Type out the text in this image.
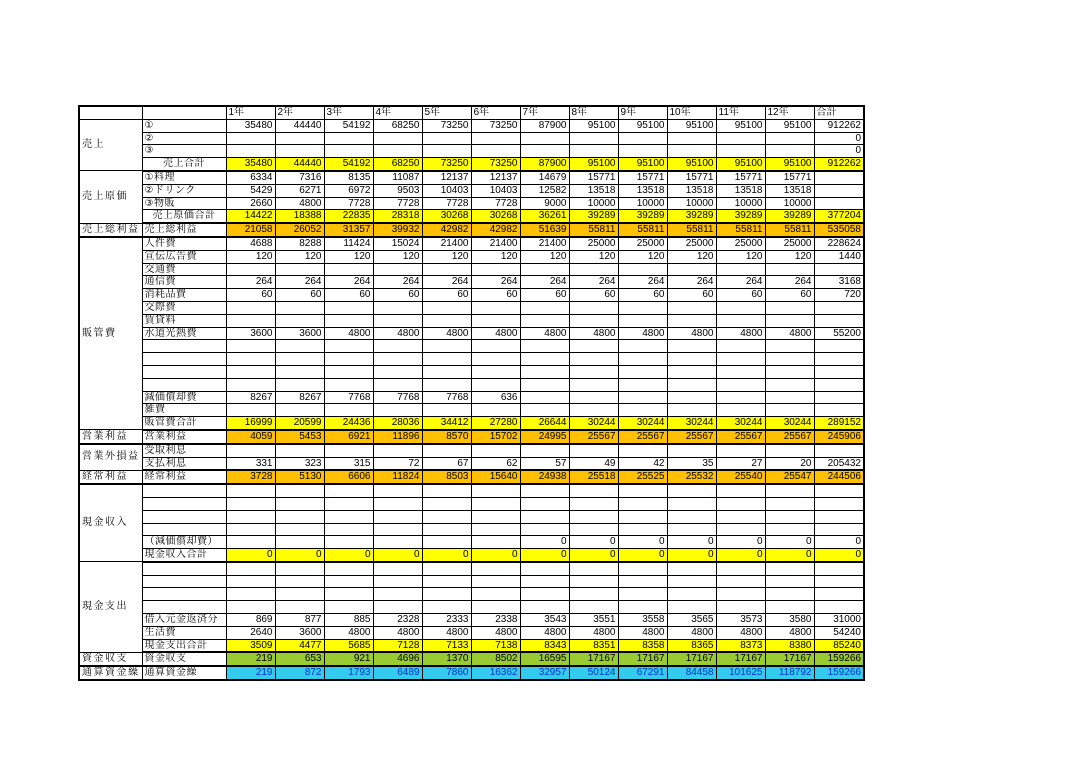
		1年	2年	3年	4年	5年	6年	7年	8年	9年	10年	11年	12年	合計
売上	①	35480	44440	54192	68250	73250	73250	87900	95100	95100	95100	95100	95100	912262
	②													0
	③													0
	売上合計	35480	44440	54192	68250	73250	73250	87900	95100	95100	95100	95100	95100	912262
売上原価	①料理	6334	7316	8135	11087	12137	12137	14679	15771	15771	15771	15771	15771	
	②ドリンク	5429	6271	6972	9503	10403	10403	12582	13518	13518	13518	13518	13518	
	③物販	2660	4800	7728	7728	7728	7728	9000	10000	10000	10000	10000	10000	
	売上原価合計	14422	18388	22835	28318	30268	30268	36261	39289	39289	39289	39289	39289	377204
売上総利益	売上総利益	21058	26052	31357	39932	42982	42982	51639	55811	55811	55811	55811	55811	535058
販管費	人件費	4688	8288	11424	15024	21400	21400	21400	25000	25000	25000	25000	25000	228624
	宣伝広告費	120	120	120	120	120	120	120	120	120	120	120	120	1440
	交通費													
	通信費	264	264	264	264	264	264	264	264	264	264	264	264	3168
	消耗品費	60	60	60	60	60	60	60	60	60	60	60	60	720
	交際費													
	賃貸料													
	水道光熱費	3600	3600	4800	4800	4800	4800	4800	4800	4800	4800	4800	4800	55200

	減価償却費	8267	8267	7768	7768	7768	636							
	雑費													
	販管費合計	16999	20599	24436	28036	34412	27280	26644	30244	30244	30244	30244	30244	289152
営業利益	営業利益	4059	5453	6921	11896	8570	15702	24995	25567	25567	25567	25567	25567	245906
営業外損益	受取利息													
	支払利息	331	323	315	72	67	62	57	49	42	35	27	20	205432
経常利益	経常利益	3728	5130	6606	11824	8503	15640	24938	25518	25525	25532	25540	25547	244506
現金収入														

	（減価償却費）							0	0	0	0	0	0	0
	現金収入合計	0	0	0	0	0	0	0	0	0	0	0	0	0
現金支出														

	借入元金返済分	869	877	885	2328	2333	2338	3543	3551	3558	3565	3573	3580	31000
	生活費	2640	3600	4800	4800	4800	4800	4800	4800	4800	4800	4800	4800	54240
	現金支出合計	3509	4477	5685	7128	7133	7138	8343	8351	8358	8365	8373	8380	85240
資金収支	資金収支	219	653	921	4696	1370	8502	16595	17167	17167	17167	17167	17167	159266
通算資金繰	通算資金繰	219	872	1793	6489	7860	16362	32957	50124	67291	84458	101625	118792	159266
